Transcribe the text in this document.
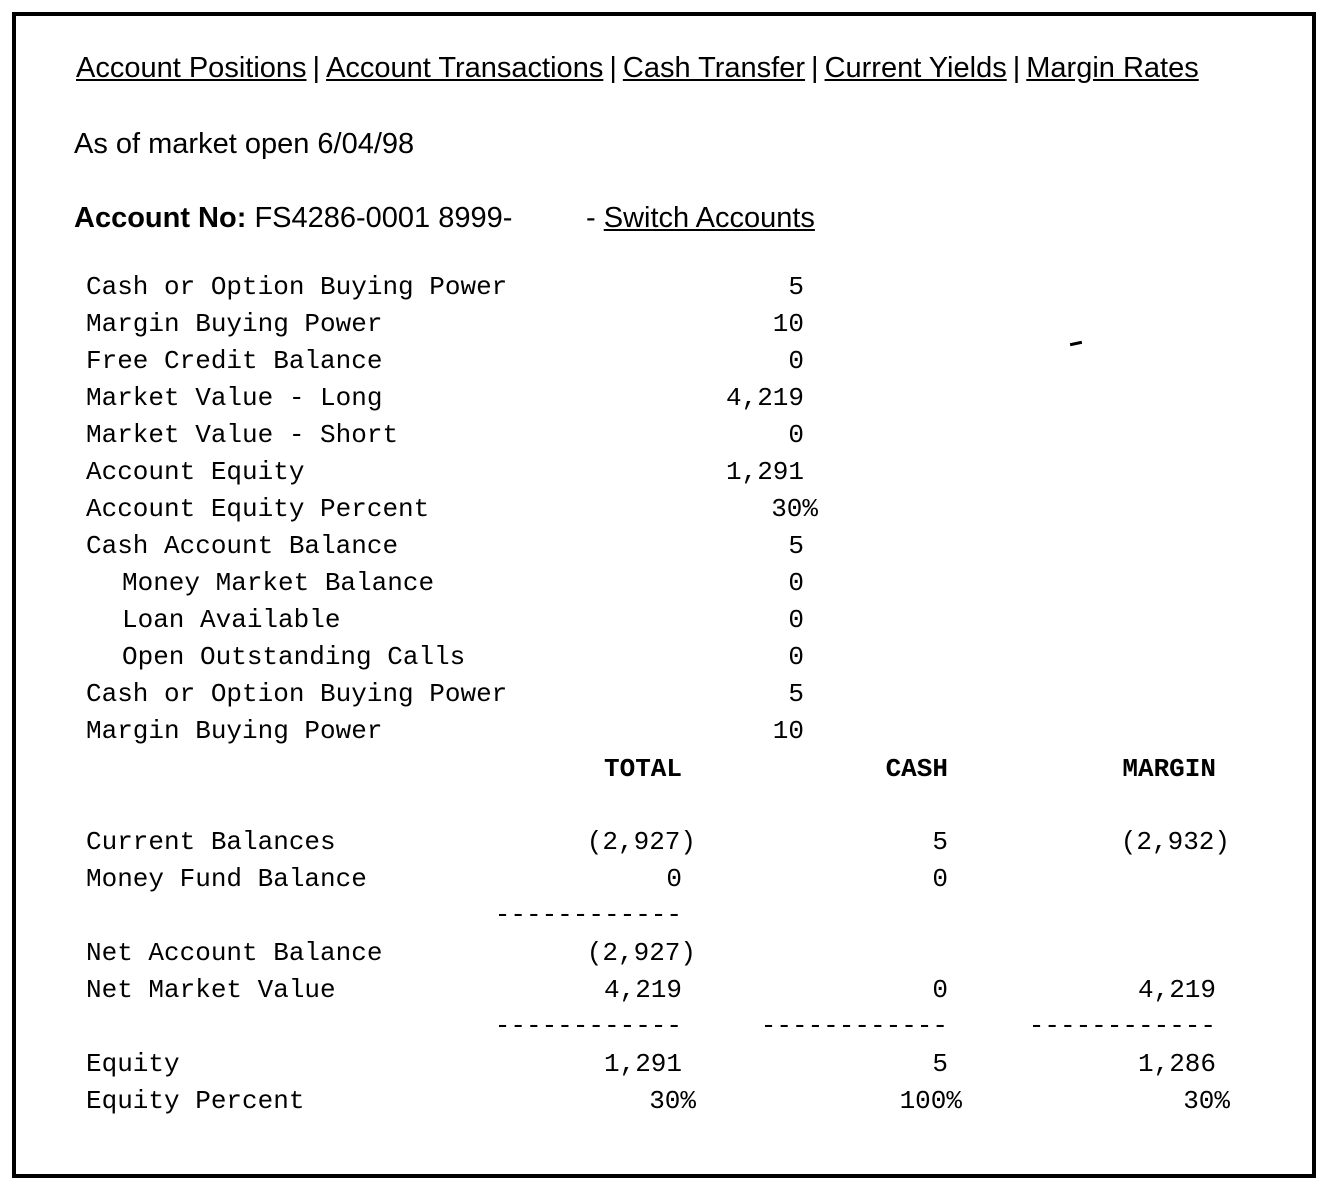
Account Positions | Account Transactions | Cash Transfer | Current Yields | Margin Rates
As of market open 6/04/98
Account No: FS4286-0001 8999-	- Switch Accounts
Cash or Option Buying Power	5
Margin Buying Power	10
Free Credit Balance	0
Market Value - Long	4,219
Market Value - Short	0
Account Equity	1,291
Account Equity Percent	30%
Cash Account Balance	5
Money Market Balance	0
Loan Available	0
Open Outstanding Calls	0
Cash or Option Buying Power	5
Margin Buying Power	10
TOTAL	CASH	MARGIN
Current Balances	(2,927)	5	(2,932)
Money Fund Balance	0	0
------------
Net Account Balance	(2,927)
Net Market Value	4,219	0	4,219
------------	------------	------------
Equity	1,291	5	1,286
Equity Percent	30%	100%	30%
